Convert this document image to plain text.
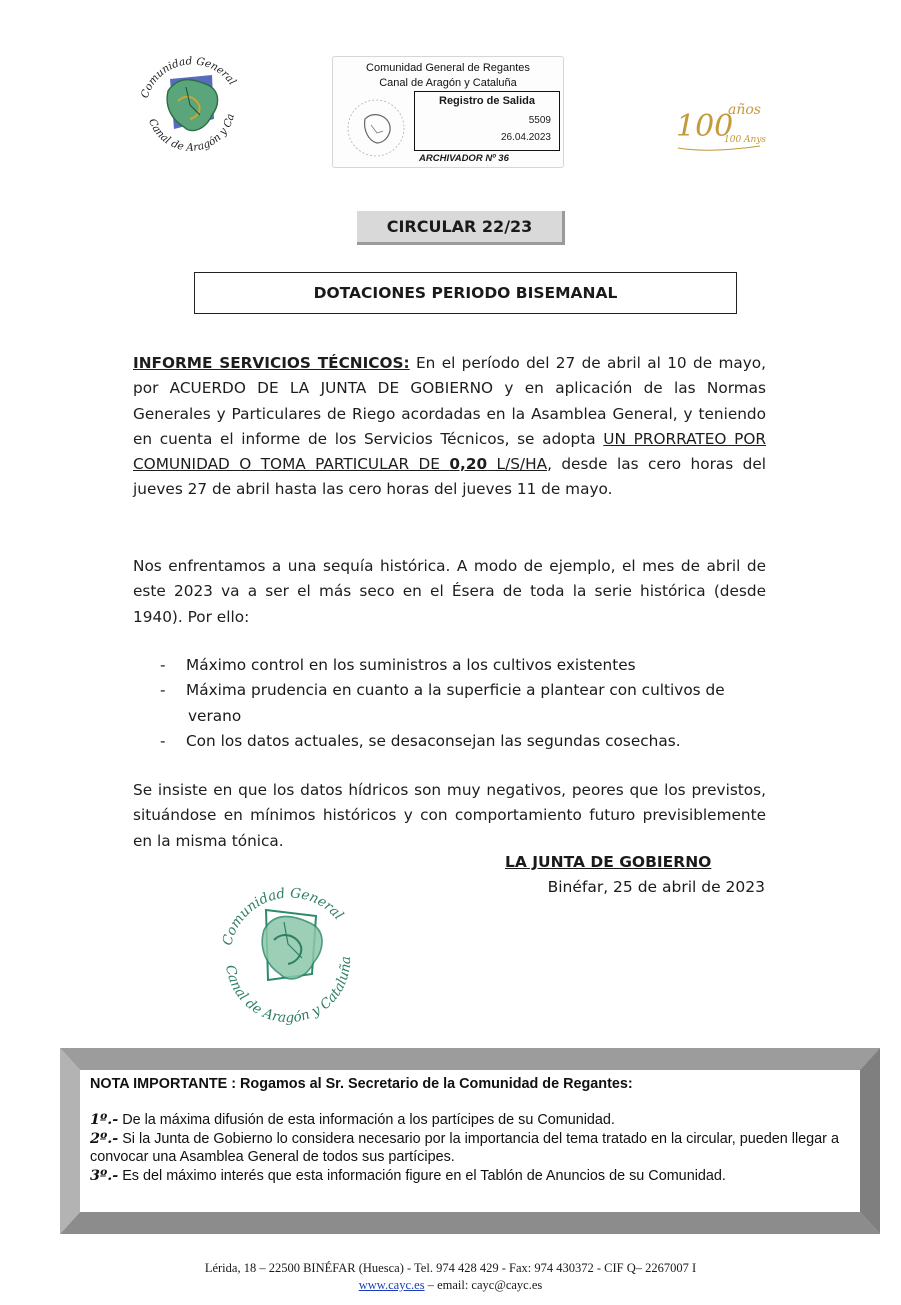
Comunidad General
Canal de Aragón y Ca
Comunidad General de Regantes
Canal de Aragón y Cataluña
Registro de Salida
5509
26.04.2023
ARCHIVADOR Nº 36
100
años
100 Anys
CIRCULAR 22/23
DOTACIONES PERIODO BISEMANAL
INFORME SERVICIOS TÉCNICOS: En el período del 27 de abril al 10 de mayo, por ACUERDO DE LA JUNTA DE GOBIERNO y en aplicación de las Normas Generales y Particulares de Riego acordadas en la Asamblea General, y teniendo en cuenta el informe de los Servicios Técnicos, se adopta UN PRORRATEO POR COMUNIDAD O TOMA PARTICULAR DE 0,20 L/S/HA, desde las cero horas del jueves 27 de abril hasta las cero horas del jueves 11 de mayo.
Nos enfrentamos a una sequía histórica. A modo de ejemplo, el mes de abril de este 2023 va a ser el más seco en el Ésera de toda la serie histórica (desde 1940). Por ello:
- Máximo control en los suministros a los cultivos existentes
- Máxima prudencia en cuanto a la superficie a plantear con cultivos de
verano
- Con los datos actuales, se desaconsejan las segundas cosechas.
Se insiste en que los datos hídricos son muy negativos, peores que los previstos, situándose en mínimos históricos y con comportamiento futuro previsiblemente en la misma tónica.
LA JUNTA DE GOBIERNO
Binéfar, 25 de abril de 2023
Comunidad General
Canal de Aragón y Cataluña
NOTA IMPORTANTE : Rogamos al Sr. Secretario de la Comunidad de Regantes:
1º.- De la máxima difusión de esta información a los partícipes de su Comunidad.
2º.- Si la Junta de Gobierno lo considera necesario por la importancia del tema tratado en la circular, pueden llegar a convocar una Asamblea General de todos sus partícipes.
3º.- Es del máximo interés que esta información figure en el Tablón de Anuncios de su Comunidad.
Lérida, 18 – 22500 BINÉFAR (Huesca) - Tel. 974 428 429 - Fax: 974 430372 - CIF Q– 2267007 I
www.cayc.es – email: cayc@cayc.es
